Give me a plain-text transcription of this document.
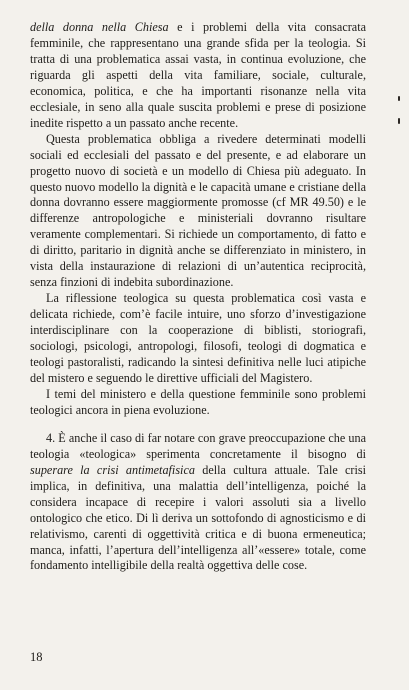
della donna nella Chiesa e i problemi della vita consacrata femminile, che rappresentano una grande sfida per la teologia. Si tratta di una problematica assai vasta, in continua evoluzione, che riguarda gli aspetti della vita familiare, sociale, culturale, economica, politica, e che ha importanti risonanze nella vita ecclesiale, in seno alla quale suscita problemi e prese di posizione inedite rispetto a un passato anche recente.

Questa problematica obbliga a rivedere determinati modelli sociali ed ecclesiali del passato e del presente, e ad elaborare un progetto nuovo di società e un modello di Chiesa più adeguato. In questo nuovo modello la dignità e le capacità umane e cristiane della donna dovranno essere maggiormente promosse (cf MR 49.50) e le differenze antropologiche e ministeriali dovranno risultare veramente complementari. Si richiede un comportamento, di fatto e di diritto, paritario in dignità anche se differenziato in ministero, in vista della instaurazione di relazioni di un’autentica reciprocità, senza finzioni di indebita subordinazione.

La riflessione teologica su questa problematica così vasta e delicata richiede, com’è facile intuire, uno sforzo d’investigazione interdisciplinare con la cooperazione di biblisti, storiografi, sociologi, psicologi, antropologi, filosofi, teologi di dogmatica e teologi pastoralisti, radicando la sintesi definitiva nelle luci atipiche del mistero e seguendo le direttive ufficiali del Magistero.

I temi del ministero e della questione femminile sono problemi teologici ancora in piena evoluzione.

4. È anche il caso di far notare con grave preoccupazione che una teologia «teologica» sperimenta concretamente il bisogno di superare la crisi antimetafisica della cultura attuale. Tale crisi implica, in definitiva, una malattia dell’intelligenza, poiché la considera incapace di recepire i valori assoluti sia a livello ontologico che etico. Di lì deriva un sottofondo di agnosticismo e di relativismo, carenti di oggettività critica e di buona ermeneutica; manca, infatti, l’apertura dell’intelligenza all’«essere» totale, come fondamento intelligibile della realtà oggettiva delle cose.

18
